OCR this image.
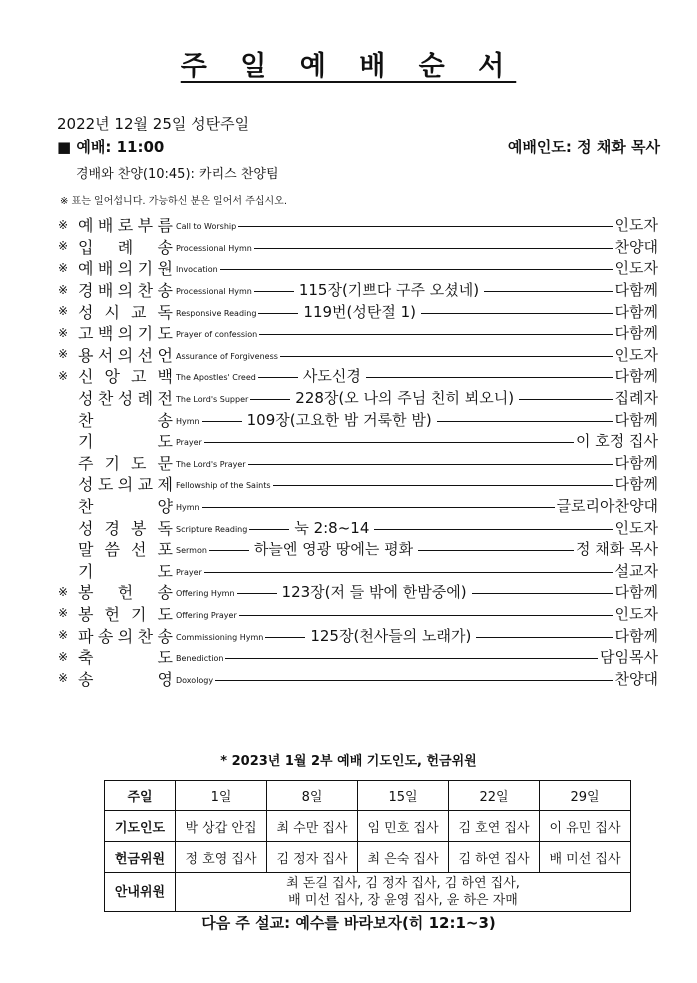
주 일 예 배 순 서
2022년 12월 25일 성탄주일
■ 예배: 11:00	예배인도: 정 채화 목사
경배와 찬양(10:45): 카리스 찬양팀
※ 표는 일어섭니다. 가능하신 분은 일어서 주십시오.
※ 예 배 로 부 름 Call to Worship	인도자
※ 입 례 송 Processional Hymn	찬양대
※ 예 배 의 기 원 Invocation	인도자
※ 경 배 의 찬 송 Processional Hymn	115장(기쁘다 구주 오셨네)	다함께
※ 성 시 교 독 Responsive Reading	119번(성탄절 1)	다함께
※ 고 백 의 기 도 Prayer of confession	다함께
※ 용 서 의 선 언 Assurance of Forgiveness	인도자
※ 신 앙 고 백 The Apostles' Creed	사도신경	다함께
성 찬 성 례 전 The Lord's Supper	228장(오 나의 주님 친히 뵈오니)	집례자
찬	송 Hymn	109장(고요한 밤 거룩한 밤)	다함께
기	도 Prayer	이 호정 집사
주 기 도 문 The Lord's Prayer	다함께
성 도 의 교 제 Fellowship of the Saints	다함께
찬	양 Hymn	글로리아찬양대
성 경 봉 독 Scripture Reading	눅 2:8~14	인도자
말 씀 선 포 Sermon	하늘엔 영광 땅에는 평화	정 채화 목사
기	도 Prayer	설교자
※ 봉 헌 송 Offering Hymn	123장(저 들 밖에 한밤중에)	다함께
※ 봉 헌 기 도 Offering Prayer	인도자
※ 파 송 의 찬 송 Commissioning Hymn	125장(천사들의 노래가)	다함께
※ 축	도 Benediction	담임목사
※ 송	영 Doxology	찬양대
* 2023년 1월 2부 예배 기도인도, 헌금위원
주일	1일	8일	15일	22일	29일
기도인도	박 상갑 안집	최 수만 집사	임 민호 집사	김 호연 집사	이 유민 집사
헌금위원	정 호영 집사	김 정자 집사	최 은숙 집사	김 하연 집사	배 미선 집사
안내위원	최 돈길 집사, 김 정자 집사, 김 하연 집사,
배 미선 집사, 장 윤영 집사, 윤 하은 자매				
다음 주 설교: 예수를 바라보자(히 12:1~3)
